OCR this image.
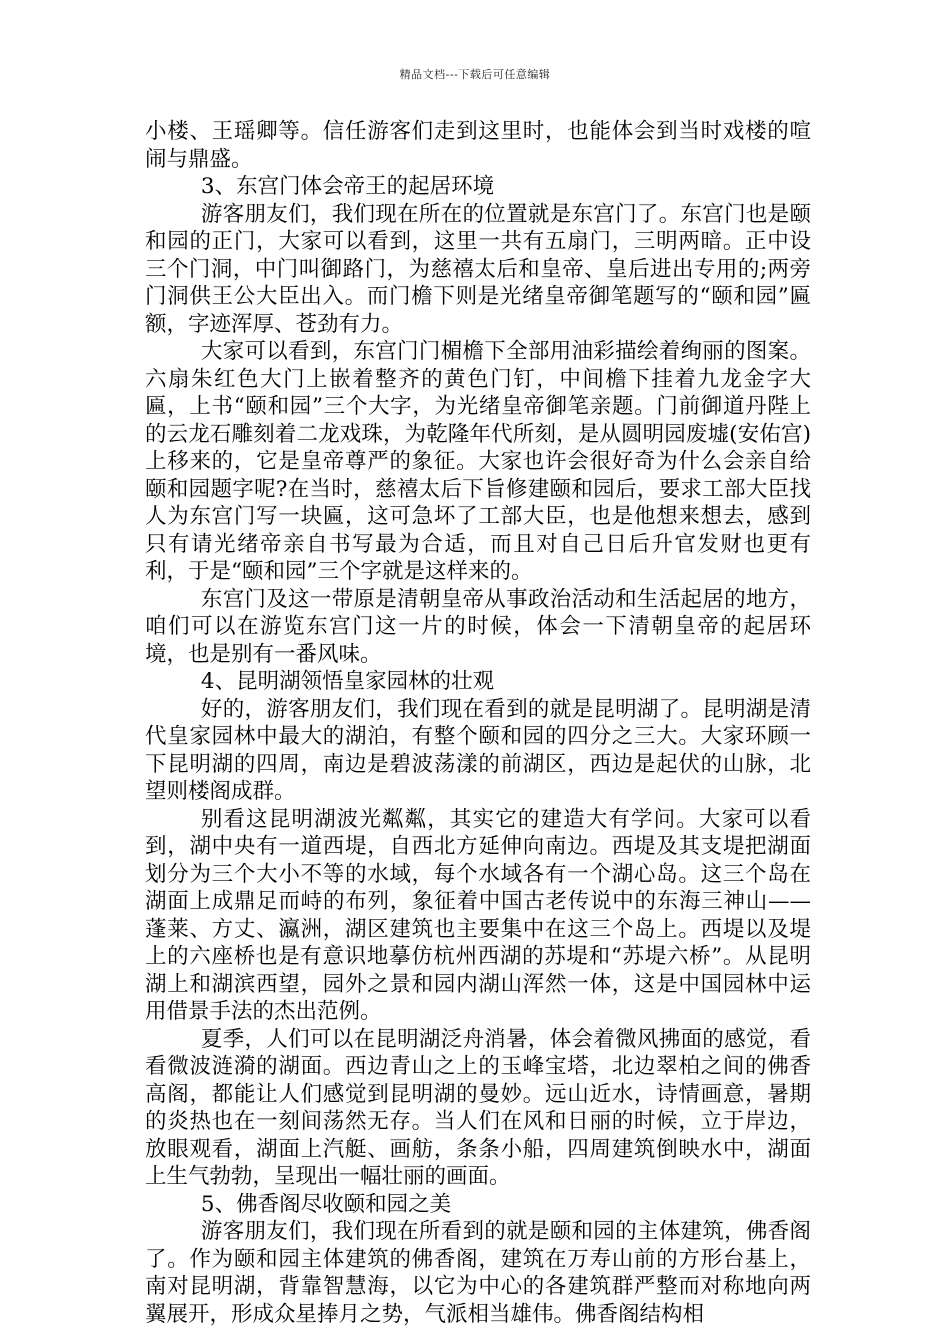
精品文档---下载后可任意编辑

小楼、王瑶卿等。信任游客们走到这里时，也能体会到当时戏楼的喧闹与鼎盛。

3、东宫门体会帝王的起居环境

游客朋友们，我们现在所在的位置就是东宫门了。东宫门也是颐和园的正门，大家可以看到，这里一共有五扇门，三明两暗。正中设三个门洞，中门叫御路门，为慈禧太后和皇帝、皇后进出专用的;两旁门洞供王公大臣出入。而门檐下则是光绪皇帝御笔题写的“颐和园”匾额，字迹浑厚、苍劲有力。

大家可以看到，东宫门门楣檐下全部用油彩描绘着绚丽的图案。六扇朱红色大门上嵌着整齐的黄色门钉，中间檐下挂着九龙金字大匾，上书“颐和园”三个大字，为光绪皇帝御笔亲题。门前御道丹陛上的云龙石雕刻着二龙戏珠，为乾隆年代所刻，是从圆明园废墟(安佑宫)上移来的，它是皇帝尊严的象征。大家也许会很好奇为什么会亲自给颐和园题字呢?在当时，慈禧太后下旨修建颐和园后，要求工部大臣找人为东宫门写一块匾，这可急坏了工部大臣，也是他想来想去，感到只有请光绪帝亲自书写最为合适，而且对自己日后升官发财也更有利，于是“颐和园”三个字就是这样来的。

东宫门及这一带原是清朝皇帝从事政治活动和生活起居的地方，咱们可以在游览东宫门这一片的时候，体会一下清朝皇帝的起居环境，也是别有一番风味。

4、昆明湖领悟皇家园林的壮观

好的，游客朋友们，我们现在看到的就是昆明湖了。昆明湖是清代皇家园林中最大的湖泊，有整个颐和园的四分之三大。大家环顾一下昆明湖的四周，南边是碧波荡漾的前湖区，西边是起伏的山脉，北望则楼阁成群。

别看这昆明湖波光粼粼，其实它的建造大有学问。大家可以看到，湖中央有一道西堤，自西北方延伸向南边。西堤及其支堤把湖面划分为三个大小不等的水域，每个水域各有一个湖心岛。这三个岛在湖面上成鼎足而峙的布列，象征着中国古老传说中的东海三神山——蓬莱、方丈、瀛洲，湖区建筑也主要集中在这三个岛上。西堤以及堤上的六座桥也是有意识地摹仿杭州西湖的苏堤和“苏堤六桥”。从昆明湖上和湖滨西望，园外之景和园内湖山浑然一体，这是中国园林中运用借景手法的杰出范例。

夏季，人们可以在昆明湖泛舟消暑，体会着微风拂面的感觉，看看微波涟漪的湖面。西边青山之上的玉峰宝塔，北边翠柏之间的佛香高阁，都能让人们感觉到昆明湖的曼妙。远山近水，诗情画意，暑期的炎热也在一刻间荡然无存。当人们在风和日丽的时候，立于岸边，放眼观看，湖面上汽艇、画舫，条条小船，四周建筑倒映水中，湖面上生气勃勃，呈现出一幅壮丽的画面。

5、佛香阁尽收颐和园之美

游客朋友们，我们现在所看到的就是颐和园的主体建筑，佛香阁了。作为颐和园主体建筑的佛香阁，建筑在万寿山前的方形台基上，南对昆明湖，背靠智慧海，以它为中心的各建筑群严整而对称地向两翼展开，形成众星捧月之势，气派相当雄伟。佛香阁结构相
